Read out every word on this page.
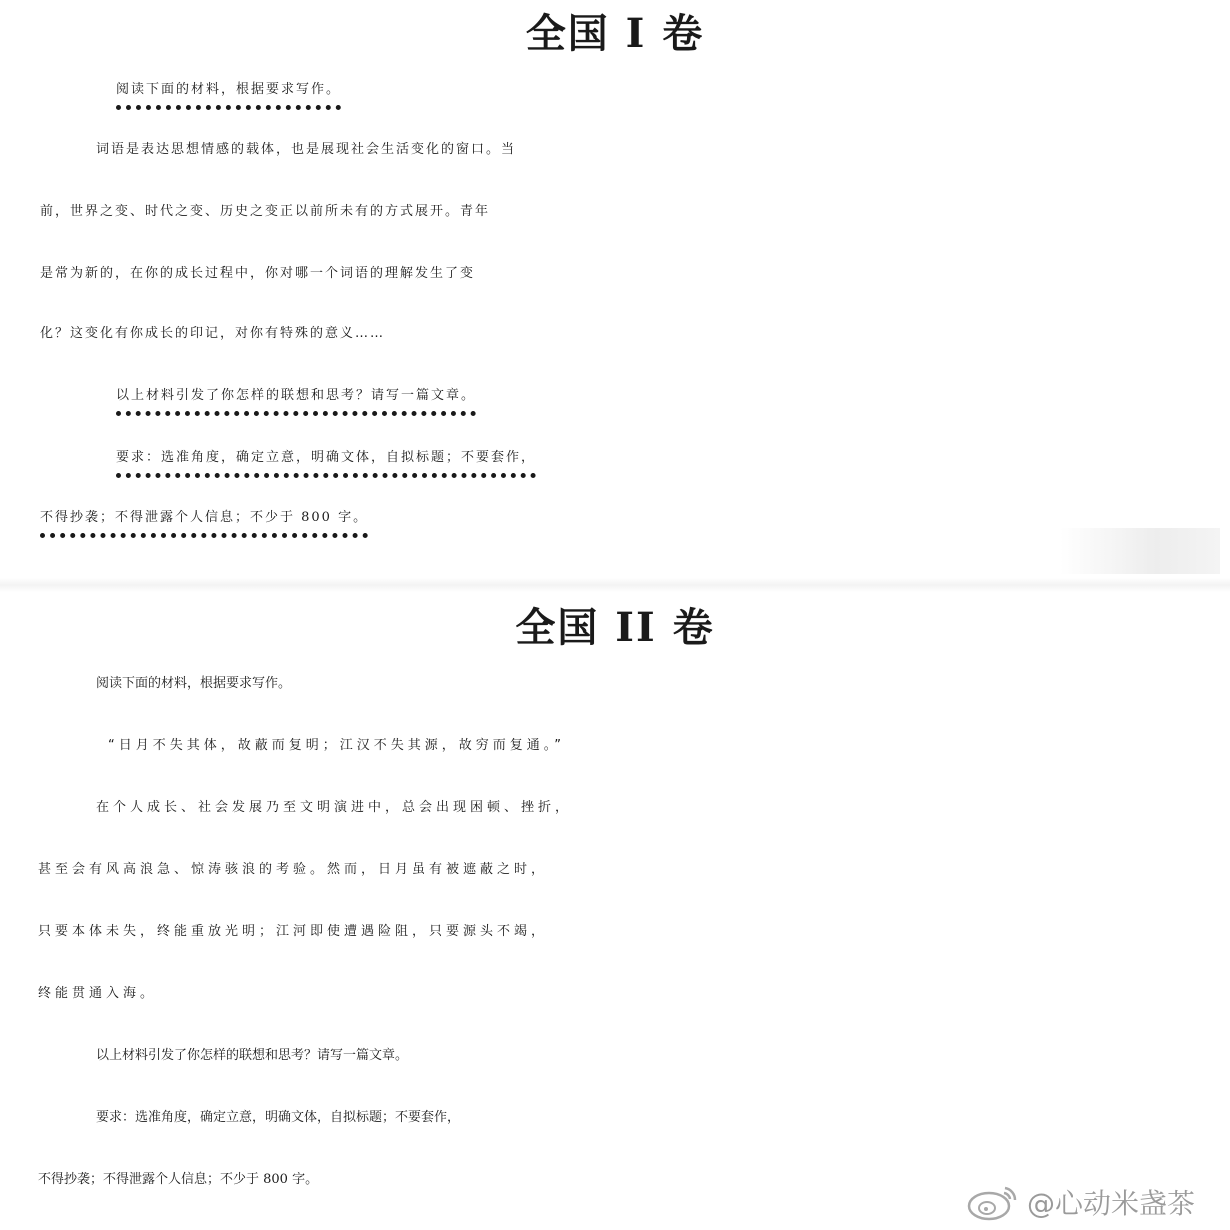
全国 I 卷
阅读下面的材料，根据要求写作。
词语是表达思想情感的载体，也是展现社会生活变化的窗口。当
前，世界之变、时代之变、历史之变正以前所未有的方式展开。青年
是常为新的，在你的成长过程中，你对哪一个词语的理解发生了变
化？这变化有你成长的印记，对你有特殊的意义……
以上材料引发了你怎样的联想和思考？请写一篇文章。
要求：选准角度，确定立意，明确文体，自拟标题；不要套作，
不得抄袭；不得泄露个人信息；不少于 800 字。
全国 II 卷
阅读下面的材料，根据要求写作。
“日月不失其体，故蔽而复明；江汉不失其源，故穷而复通。”
在个人成长、社会发展乃至文明演进中，总会出现困顿、挫折，
甚至会有风高浪急、惊涛骇浪的考验。然而，日月虽有被遮蔽之时，
只要本体未失，终能重放光明；江河即使遭遇险阻，只要源头不竭，
终能贯通入海。
以上材料引发了你怎样的联想和思考？请写一篇文章。
要求：选准角度，确定立意，明确文体，自拟标题；不要套作，
不得抄袭；不得泄露个人信息；不少于 800 字。
@心动米盏茶
